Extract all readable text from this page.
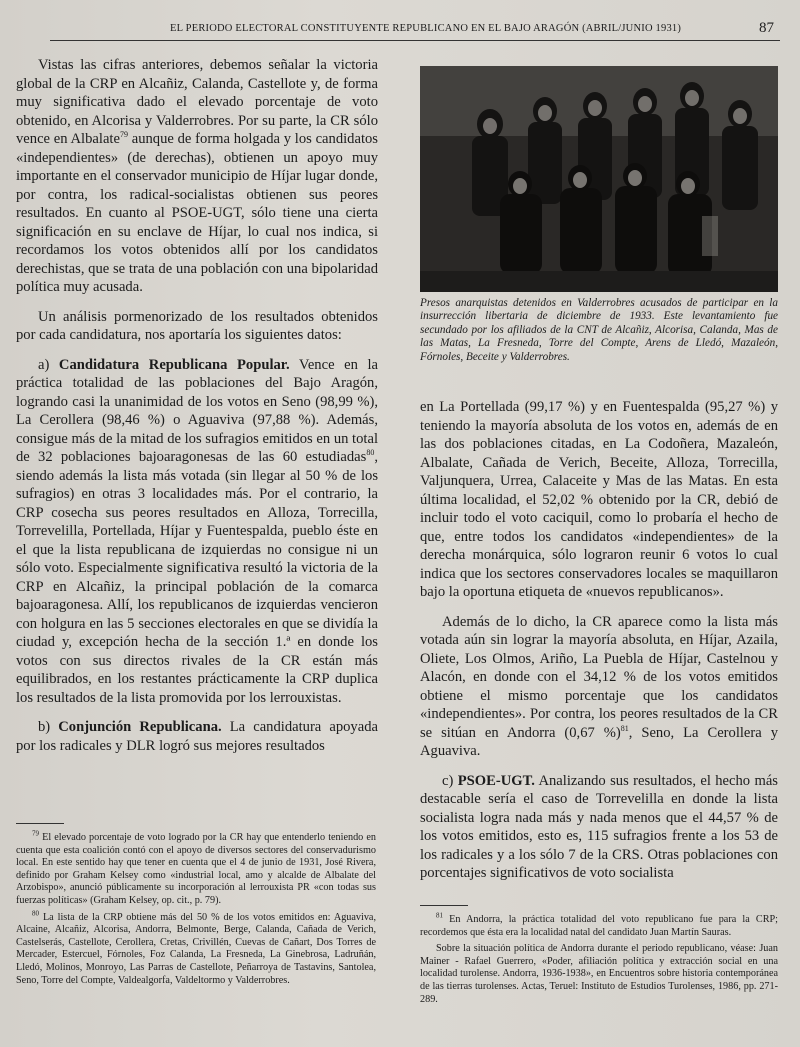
EL PERIODO ELECTORAL CONSTITUYENTE REPUBLICANO EN EL BAJO ARAGÓN (ABRIL/JUNIO 1931)	87

Vistas las cifras anteriores, debemos señalar la victoria global de la CRP en Alcañiz, Calanda, Castellote y, de forma muy significativa dado el elevado porcentaje de voto obtenido, en Alcorisa y Valderrobres. Por su parte, la CR sólo vence en Albalate$^{79}$ aunque de forma holgada y los candidatos «independientes» (de derechas), obtienen un apoyo muy importante en el conservador municipio de Híjar lugar donde, por contra, los radical-socialistas obtienen sus peores resultados. En cuanto al PSOE-UGT, sólo tiene una cierta significación en su enclave de Híjar, lo cual nos indica, si recordamos los votos obtenidos allí por los candidatos derechistas, que se trata de una población con una bipolaridad política muy acusada.

Un análisis pormenorizado de los resultados obtenidos por cada candidatura, nos aportaría los siguientes datos:

a) Candidatura Republicana Popular. Vence en la práctica totalidad de las poblaciones del Bajo Aragón, logrando casi la unanimidad de los votos en Seno (98,99 %), La Cerollera (98,46 %) o Aguaviva (97,88 %). Además, consigue más de la mitad de los sufragios emitidos en un total de 32 poblaciones bajoaragonesas de las 60 estudiadas$^{80}$, siendo además la lista más votada (sin llegar al 50 % de los sufragios) en otras 3 localidades más. Por el contrario, la CRP cosecha sus peores resultados en Alloza, Torrecilla, Torrevelilla, Portellada, Híjar y Fuentespalda, pueblo éste en el que la lista republicana de izquierdas no consigue ni un sólo voto. Especialmente significativa resultó la victoria de la CRP en Alcañiz, la principal población de la comarca bajoaragonesa. Allí, los republicanos de izquierdas vencieron con holgura en las 5 secciones electorales en que se dividía la ciudad y, excepción hecha de la sección 1.ª en donde los votos con sus directos rivales de la CR están más equilibrados, en los restantes prácticamente la CRP duplica los resultados de la lista promovida por los lerrouxistas.

b) Conjunción Republicana. La candidatura apoyada por los radicales y DLR logró sus mejores resultados

Presos anarquistas detenidos en Valderrobres acusados de participar en la insurrección libertaria de diciembre de 1933. Este levantamiento fue secundado por los afiliados de la CNT de Alcañiz, Alcorisa, Calanda, Mas de las Matas, La Fresneda, Torre del Compte, Arens de Lledó, Mazaleón, Fórnoles, Beceite y Valderrobres.

en La Portellada (99,17 %) y en Fuentespalda (95,27 %) y teniendo la mayoría absoluta de los votos en, además de en las dos poblaciones citadas, en La Codoñera, Mazaleón, Albalate, Cañada de Verich, Beceite, Alloza, Torrecilla, Valjunquera, Urrea, Calaceite y Mas de las Matas. En esta última localidad, el 52,02 % obtenido por la CR, debió de incluir todo el voto caciquil, como lo probaría el hecho de que, entre todos los candidatos «independientes» de la derecha monárquica, sólo lograron reunir 6 votos lo cual indica que los sectores conservadores locales se maquillaron bajo la oportuna etiqueta de «nuevos republicanos».

Además de lo dicho, la CR aparece como la lista más votada aún sin lograr la mayoría absoluta, en Híjar, Azaila, Oliete, Los Olmos, Ariño, La Puebla de Híjar, Castelnou y Alacón, en donde con el 34,12 % de los votos emitidos obtiene el mismo porcentaje que los candidatos «independientes». Por contra, los peores resultados de la CR se sitúan en Andorra (0,67 %)$^{81}$, Seno, La Cerollera y Aguaviva.

c) PSOE-UGT. Analizando sus resultados, el hecho más destacable sería el caso de Torrevelilla en donde la lista socialista logra nada más y nada menos que el 44,57 % de los votos emitidos, esto es, 115 sufragios frente a los 53 de los radicales y a los sólo 7 de la CRS. Otras poblaciones con porcentajes significativos de voto socialista

$^{79}$ El elevado porcentaje de voto logrado por la CR hay que entenderlo teniendo en cuenta que esta coalición contó con el apoyo de diversos sectores del conservadurismo local. En este sentido hay que tener en cuenta que el 4 de junio de 1931, José Rivera, definido por Graham Kelsey como «industrial local, amo y alcalde de Albalate del Arzobispo», anunció públicamente su incorporación al lerrouxista PR «con todas sus fuerzas políticas» (Graham Kelsey, op. cit., p. 79).

$^{80}$ La lista de la CRP obtiene más del 50 % de los votos emitidos en: Aguaviva, Alcaine, Alcañiz, Alcorisa, Andorra, Belmonte, Berge, Calanda, Cañada de Verich, Castelserás, Castellote, Cerollera, Cretas, Crivillén, Cuevas de Cañart, Dos Torres de Mercader, Estercuel, Fórnoles, Foz Calanda, La Fresneda, La Ginebrosa, Ladruñán, Lledó, Molinos, Monroyo, Las Parras de Castellote, Peñarroya de Tastavins, Santolea, Seno, Torre del Compte, Valdealgorfa, Valdeltormo y Valderrobres.

$^{81}$ En Andorra, la práctica totalidad del voto republicano fue para la CRP; recordemos que ésta era la localidad natal del candidato Juan Martín Sauras.

Sobre la situación política de Andorra durante el periodo republicano, véase: Juan Mainer - Rafael Guerrero, «Poder, afiliación política y extracción social en una localidad turolense. Andorra, 1936-1938», en Encuentros sobre historia contemporánea de las tierras turolenses. Actas, Teruel: Instituto de Estudios Turolenses, 1986, pp. 271-289.
